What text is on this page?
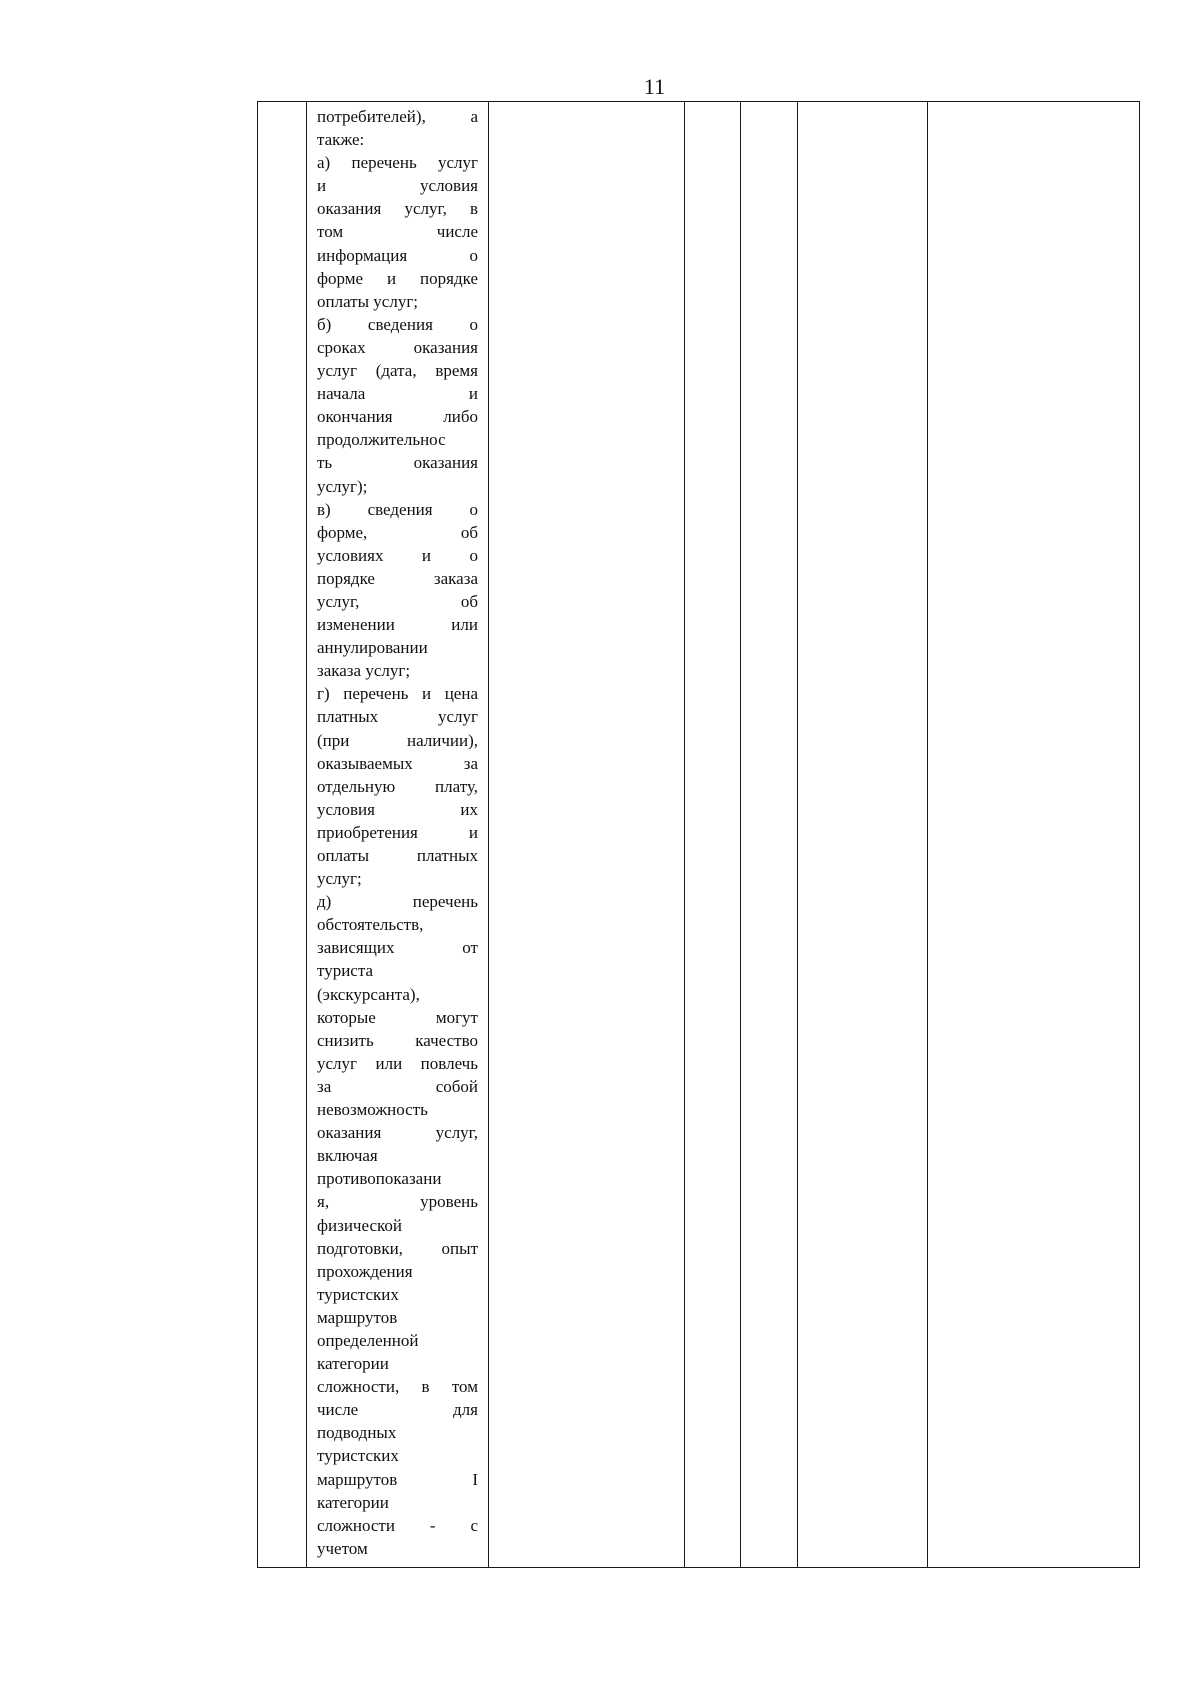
11

потребителей), а
также:
а) перечень услуг
и условия
оказания услуг, в
том числе
информация о
форме и порядке
оплаты услуг;
б) сведения о
сроках оказания
услуг (дата, время
начала и
окончания либо
продолжительнос
ть оказания
услуг);
в) сведения о
форме, об
условиях и о
порядке заказа
услуг, об
изменении или
аннулировании
заказа услуг;
г) перечень и цена
платных услуг
(при наличии),
оказываемых за
отдельную плату,
условия их
приобретения и
оплаты платных
услуг;
д) перечень
обстоятельств,
зависящих от
туриста
(экскурсанта),
которые могут
снизить качество
услуг или повлечь
за собой
невозможность
оказания услуг,
включая
противопоказани
я, уровень
физической
подготовки, опыт
прохождения
туристских
маршрутов
определенной
категории
сложности, в том
числе для
подводных
туристских
маршрутов I
категории
сложности - с
учетом
